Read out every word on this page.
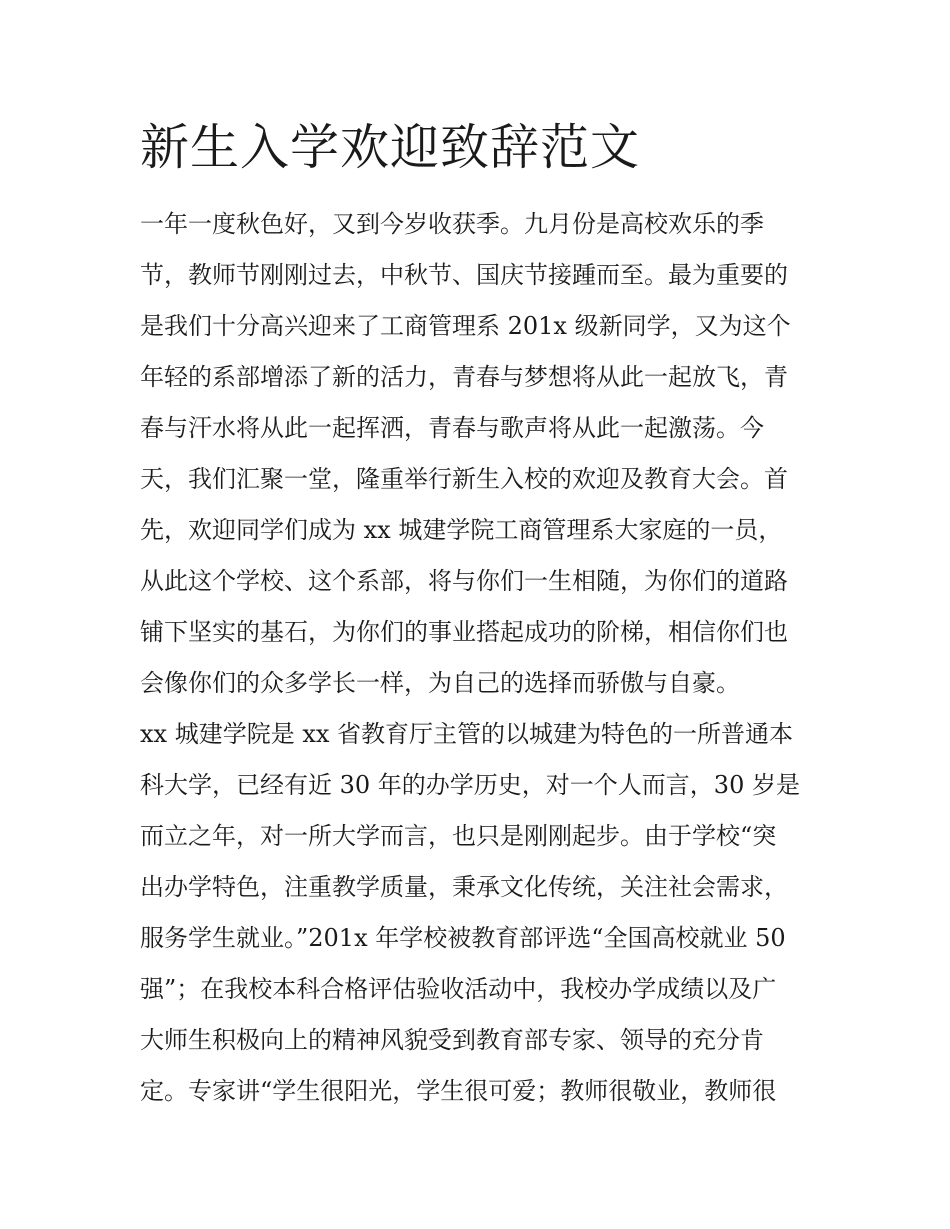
新生入学欢迎致辞范文
一年一度秋色好，又到今岁收获季。九月份是高校欢乐的季
节，教师节刚刚过去，中秋节、国庆节接踵而至。最为重要的
是我们十分高兴迎来了工商管理系 201x 级新同学，又为这个
年轻的系部增添了新的活力，青春与梦想将从此一起放飞，青
春与汗水将从此一起挥洒，青春与歌声将从此一起激荡。今
天，我们汇聚一堂，隆重举行新生入校的欢迎及教育大会。首
先，欢迎同学们成为 xx 城建学院工商管理系大家庭的一员，
从此这个学校、这个系部，将与你们一生相随，为你们的道路
铺下坚实的基石，为你们的事业搭起成功的阶梯，相信你们也
会像你们的众多学长一样，为自己的选择而骄傲与自豪。
xx 城建学院是 xx 省教育厅主管的以城建为特色的一所普通本
科大学，已经有近 30 年的办学历史，对一个人而言，30 岁是
而立之年，对一所大学而言，也只是刚刚起步。由于学校“突
出办学特色，注重教学质量，秉承文化传统，关注社会需求，
服务学生就业。”201x 年学校被教育部评选“全国高校就业 50
强”；在我校本科合格评估验收活动中，我校办学成绩以及广
大师生积极向上的精神风貌受到教育部专家、领导的充分肯
定。专家讲“学生很阳光，学生很可爱；教师很敬业，教师很
